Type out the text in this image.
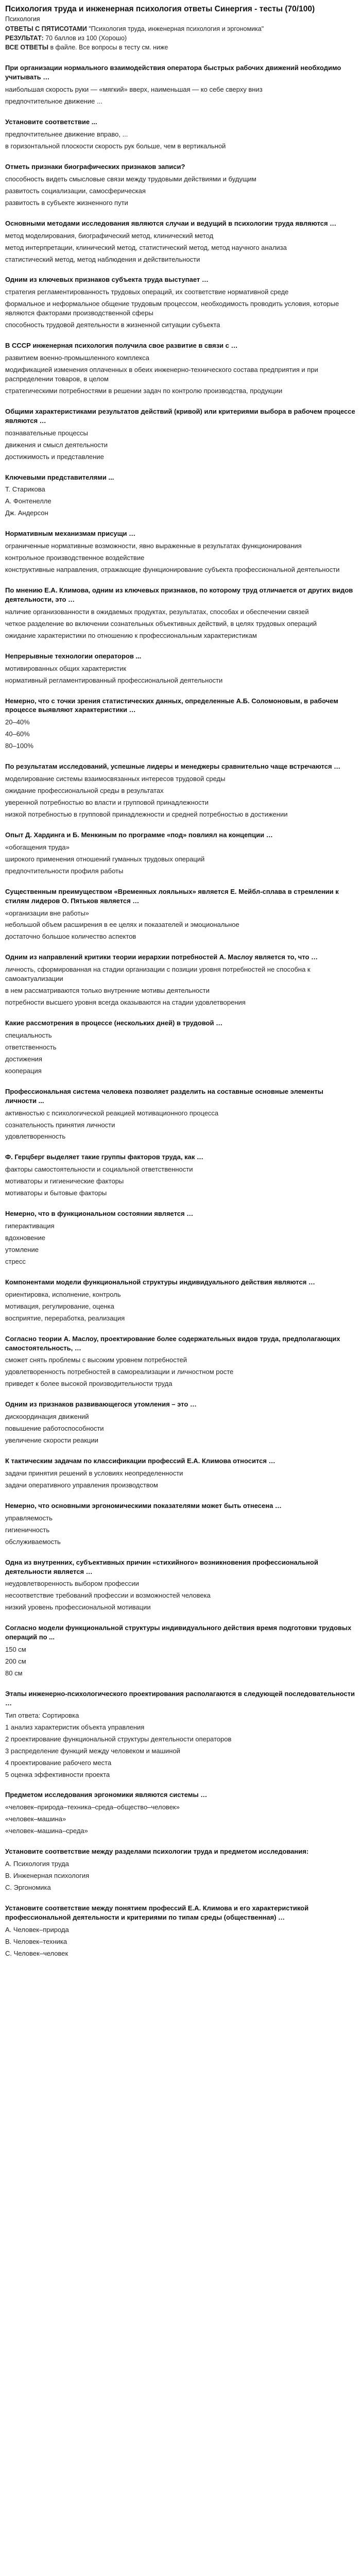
Психология труда и инженерная психология ответы Синергия - тесты (70/100)
Психология
ОТВЕТЫ С ПЯТИСОТАМИ "Психология труда, инженерная психология и эргономика"
РЕЗУЛЬТАТ: 70 баллов из 100 (Хорошо)
ВСЕ ОТВЕТЫ в файле. Все вопросы в тесту см. ниже
При организации нормального взаимодействия оператора быстрых рабочих движений необходимо учитывать …
наибольшая скорость руки — «мягкий» вверх, наименьшая — ко себе сверху вниз
предпочтительное движение ...
Установите соответствие ...
предпочтительнее движение вправо, ...
в горизонтальной плоскости скорость рук больше, чем в вертикальной
Отметь признаки биографических признаков записи?
способность видеть смысловые связи между трудовыми действиями и будущим
развитость социализации, самосферическая
развитость в субъекте жизненного пути
Основными методами исследования являются случаи и ведущий в психологии труда являются …
метод моделирования, биографический метод, клинический метод
метод интерпретации, клинический метод, статистический метод, метод научного анализа
статистический метод, метод наблюдения и действительности
Одним из ключевых признаков субъекта труда выступает …
стратегия регламентированность трудовых операций, их соответствие нормативной среде
формальное и неформальное общение трудовым процессом, необходимость проводить условия, которые являются факторами производственной сферы
способность трудовой деятельности в жизненной ситуации субъекта
В СССР инженерная психология получила свое развитие в связи с …
развитием военно-промышленного комплекса
модификацией изменения оплаченных в обеих инженерно-технического состава предприятия и при распределении товаров, в целом
стратегическими потребностями в решении задач по контролю производства, продукции
Общими характеристиками результатов действий (кривой) или критериями выбора в рабочем процессе являются …
познавательные процессы
движения и смысл деятельности
достижимость и представление
Ключевыми представителями ...
Т. Старикова
А. Фонтенелле
Дж. Андерсон
Нормативным механизмам присущи …
ограниченные нормативные возможности, явно выраженные в результатах функционирования
контрольное производственное воздействие
конструктивные направления, отражающие функционирование субъекта профессиональной деятельности
По мнению Е.А. Климова, одним из ключевых признаков, по которому труд отличается от других видов деятельности, это …
наличие организованности в ожидаемых продуктах, результатах, способах и обеспечении связей
четкое разделение во включении сознательных объективных действий, в целях трудовых операций
ожидание характеристики по отношению к профессиональным характеристикам
Непрерывные технологии операторов ...
мотивированных общих характеристик
нормативный регламентированный профессиональной деятельности
Немерно, что с точки зрения статистических данных, определенные А.Б. Соломоновым, в рабочем процессе выявляют характеристики …
20–40%
40–60%
80–100%
По результатам исследований, успешные лидеры и менеджеры сравнительно чаще встречаются …
моделирование системы взаимосвязанных интересов трудовой среды
ожидание профессиональной среды в результатах
уверенной потребностью во власти и групповой принадлежности
низкой потребностью в групповой принадлежности и средней потребностью в достижении
Опыт Д. Хардинга и Б. Менкиным по программе «под» повлиял на концепции …
«обогащения труда»
широкого применения отношений гуманных трудовых операций
предпочтительности профиля работы
Существенным преимуществом «Временных лояльных» является Е. Мейбл-сплава в стремлении к стилям лидеров О. Пятьков является …
«организации вне работы»
небольшой объем расширения в ее целях и показателей и эмоциональное
достаточно большое количество аспектов
Одним из направлений критики теории иерархии потребностей А. Маслоу является то, что …
личность, сформированная на стадии организации с позиции уровня потребностей не способна к самоактуализации
в нем рассматриваются только внутренние мотивы деятельности
потребности высшего уровня всегда оказываются на стадии удовлетворения
Какие рассмотрения в процессе (нескольких дней) в трудовой …
специальность
ответственность
достижения
кооперация
Профессиональная система человека позволяет разделить на составные основные элементы личности ...
активностью с психологической реакцией мотивационного процесса
сознательность принятия личности
удовлетворенность
Ф. Герцберг выделяет такие группы факторов труда, как …
факторы самостоятельности и социальной ответственности
мотиваторы и гигиенические факторы
мотиваторы и бытовые факторы
Немерно, что в функциональном состоянии является …
гиперактивация
вдохновение
утомление
стресс
Компонентами модели функциональной структуры индивидуального действия являются …
ориентировка, исполнение, контроль
мотивация, регулирование, оценка
восприятие, переработка, реализация
Согласно теории А. Маслоу, проектирование более содержательных видов труда, предполагающих самостоятельность, …
сможет снять проблемы с высоким уровнем потребностей
удовлетворенность потребностей в самореализации и личностном росте
приведет к более высокой производительности труда
Одним из признаков развивающегося утомления – это …
дискоординация движений
повышение работоспособности
увеличение скорости реакции
К тактическим задачам по классификации профессий Е.А. Климова относится …
задачи принятия решений в условиях неопределенности
задачи оперативного управления производством
Немерно, что основными эргономическими показателями может быть отнесена …
управляемость
гигиеничность
обслуживаемость
Одна из внутренних, субъективных причин «стихийного» возникновения профессиональной деятельности является …
неудовлетворенность выбором профессии
несоответствие требований профессии и возможностей человека
низкий уровень профессиональной мотивации
Согласно модели функциональной структуры индивидуального действия время подготовки трудовых операций по ...
150 см
200 см
80 см
Этапы инженерно-психологического проектирования располагаются в следующей последовательности …
Тип ответа: Сортировка
1 анализ характеристик объекта управления
2 проектирование функциональной структуры деятельности операторов
3 распределение функций между человеком и машиной
4 проектирование рабочего места
5 оценка эффективности проекта
Предметом исследования эргономики являются системы …
«человек–природа–техника–среда–общество–человек»
«человек–машина»
«человек–машина–среда»
Установите соответствие между разделами психологии труда и предметом исследования:
A. Психология труда
B. Инженерная психология
C. Эргономика
Установите соответствие между понятием профессий Е.А. Климова и его характеристикой профессиональной деятельности и критериями по типам среды (общественная) …
A. Человек–природа
B. Человек–техника
C. Человек–человек
